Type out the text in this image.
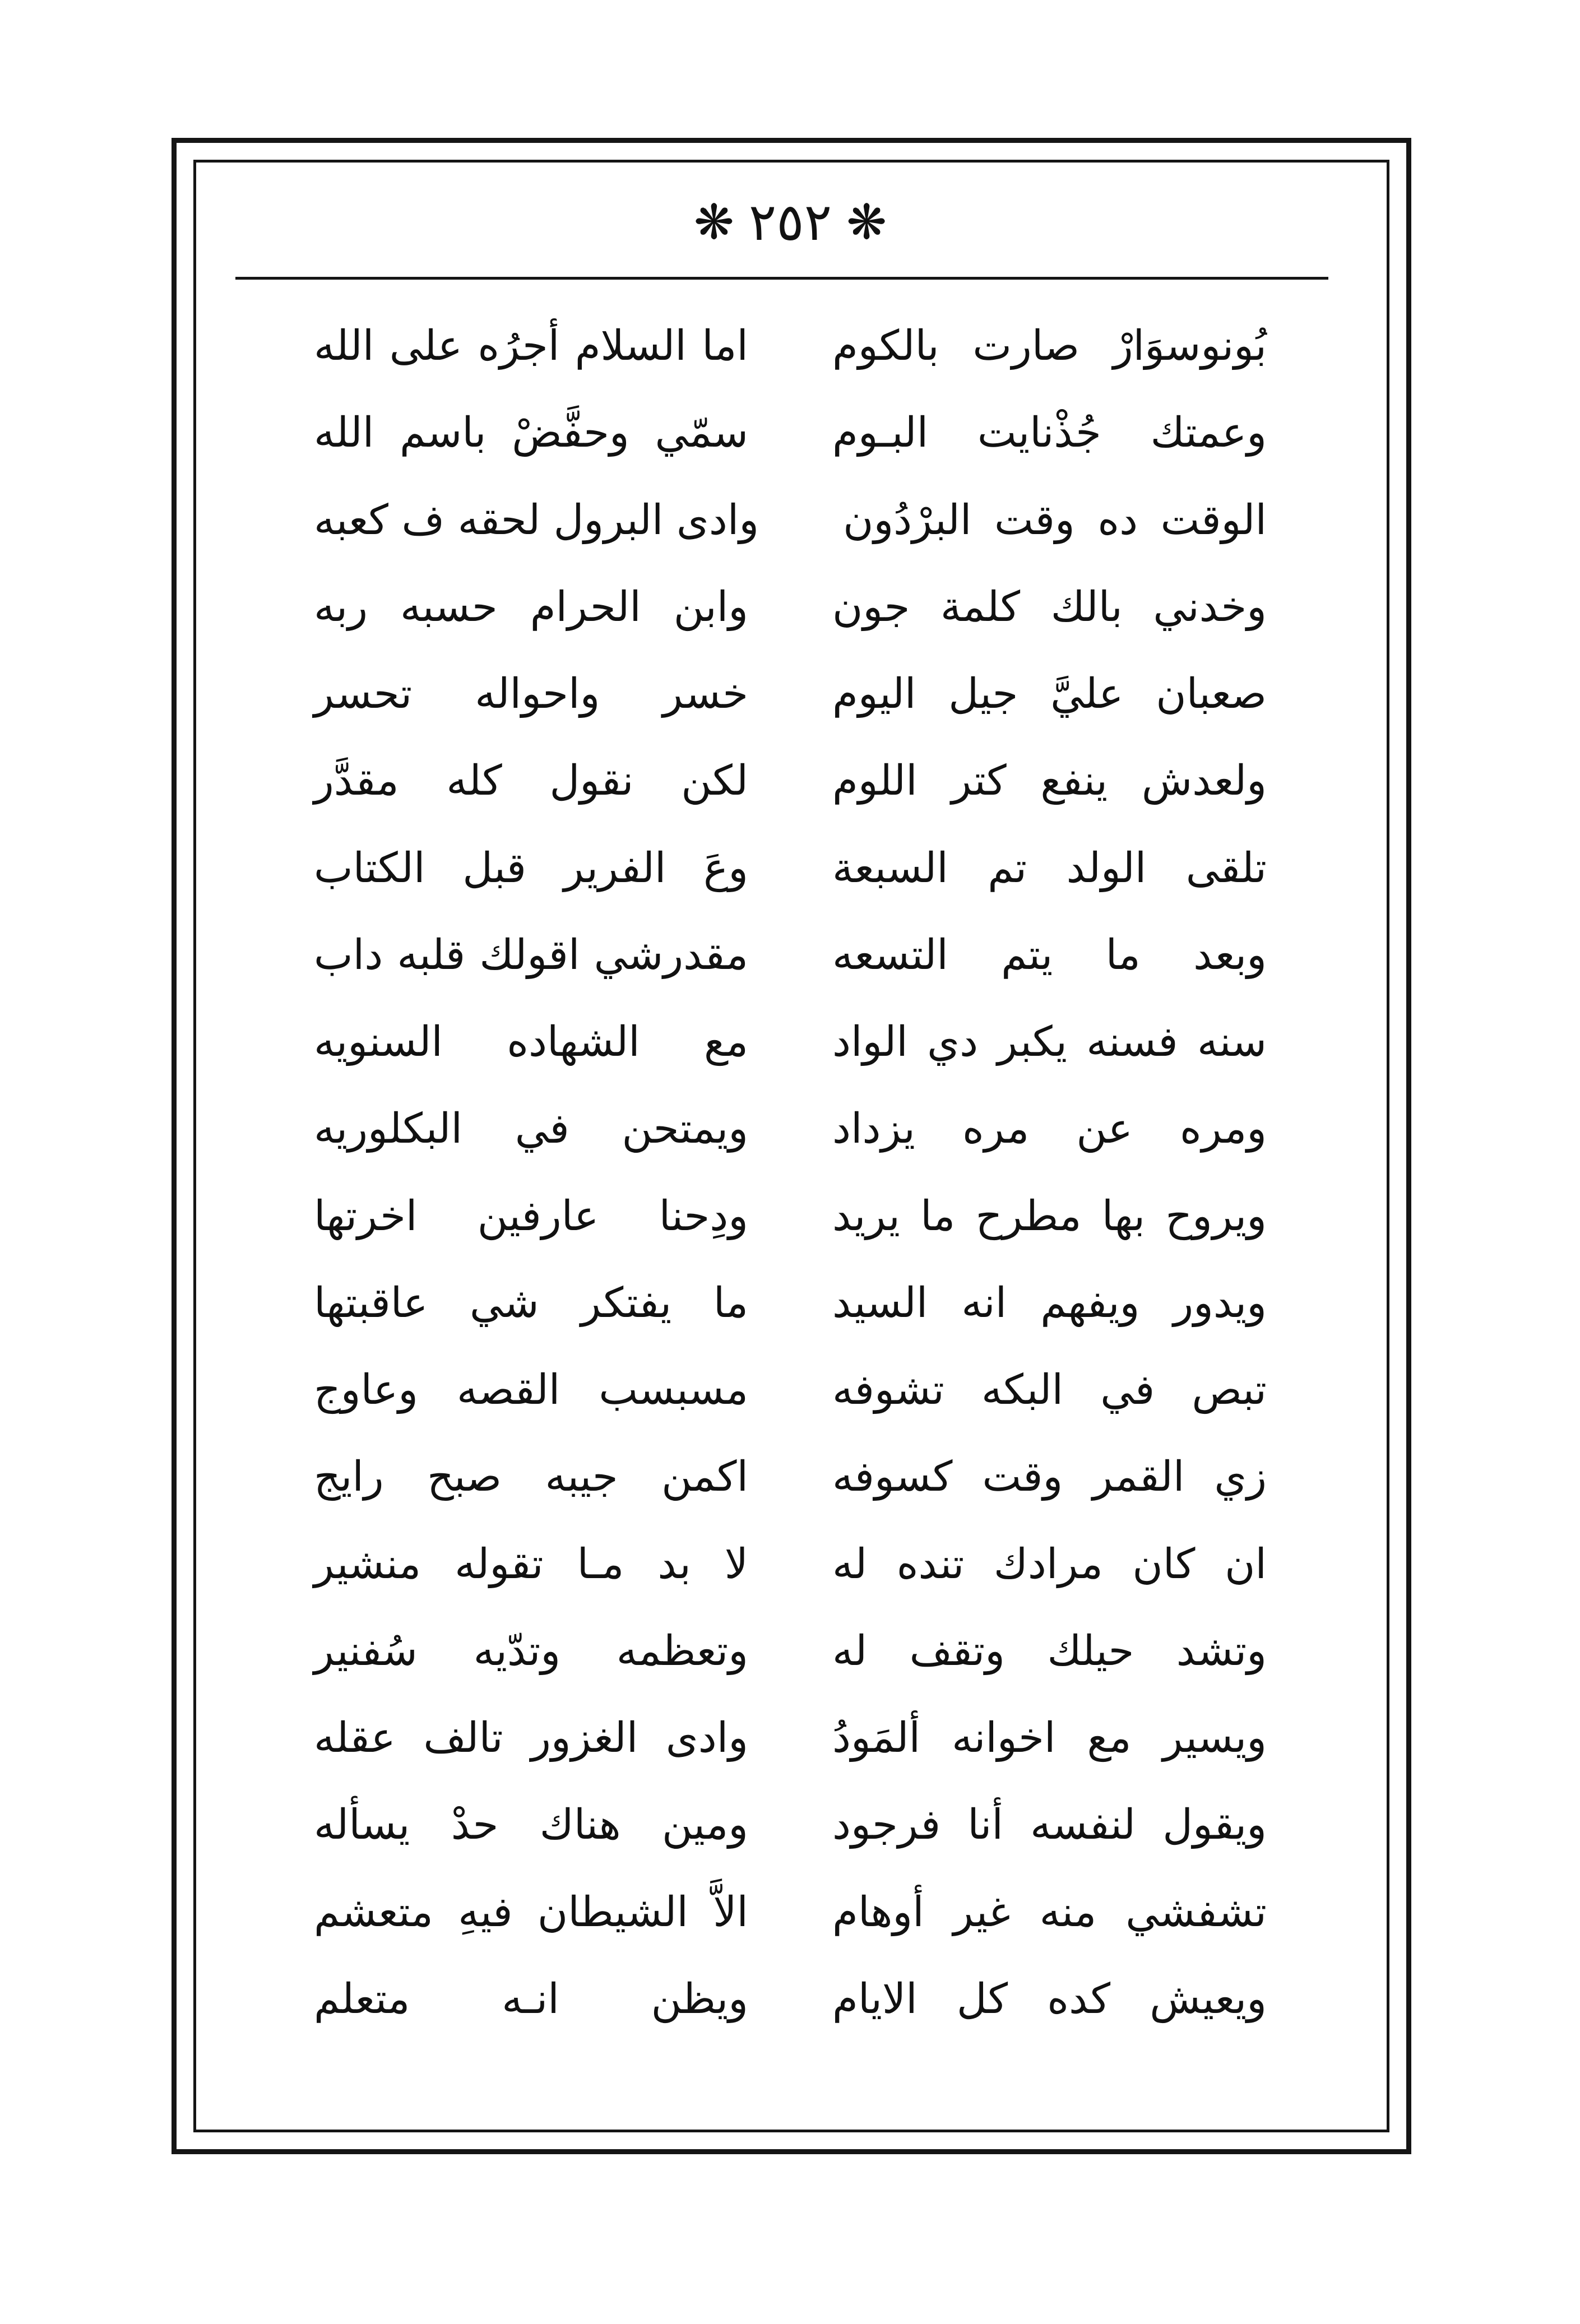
❋ ٢٥٢ ❋
بُونوسوَارْ صارت بالكوم
اما السلام أجرُه على الله
وعمتك جُذْنايت البـوم
سمّي وحفَّضْ باسم الله
الوقت ده وقت البرْدُون
وادى البرول لحقه ف كعبه
وخدني بالك كلمة جون
وابن الحرام حسبه ربه
صعبان عليَّ جيل اليوم
خسر واحواله تحسر
ولعدش ينفع كتر اللوم
لكن نقول كله مقدَّر
تلقى الولد تم السبعة
وعَ الفرير قبل الكتاب
وبعد ما يتم التسعه
مقدرشي اقولك قلبه داب
سنه فسنه يكبر دي الواد
مع الشهاده السنويه
ومره عن مره يزداد
ويمتحن في البكلوريه
ويروح بها مطرح ما يريد
ودِحنا عارفين اخرتها
ويدور ويفهم انه السيد
ما يفتكر شي عاقبتها
تبص في البكه تشوفه
مسبسب القصه وعاوج
زي القمر وقت كسوفه
اكمن جيبه صبح رايج
ان كان مرادك تنده له
لا بد مـا تقوله منشير
وتشد حيلك وتقف له
وتعظمه وتدّيه سُفنير
ويسير مع اخوانه ألمَودُ
وادى الغزور تالف عقله
ويقول لنفسه أنا فرجود
ومين هناك حدْ يسأله
تشفشي منه غير أوهام
الاَّ الشيطان فيهِ متعشم
ويعيش كده كل الايام
ويظن انـه متعلم
